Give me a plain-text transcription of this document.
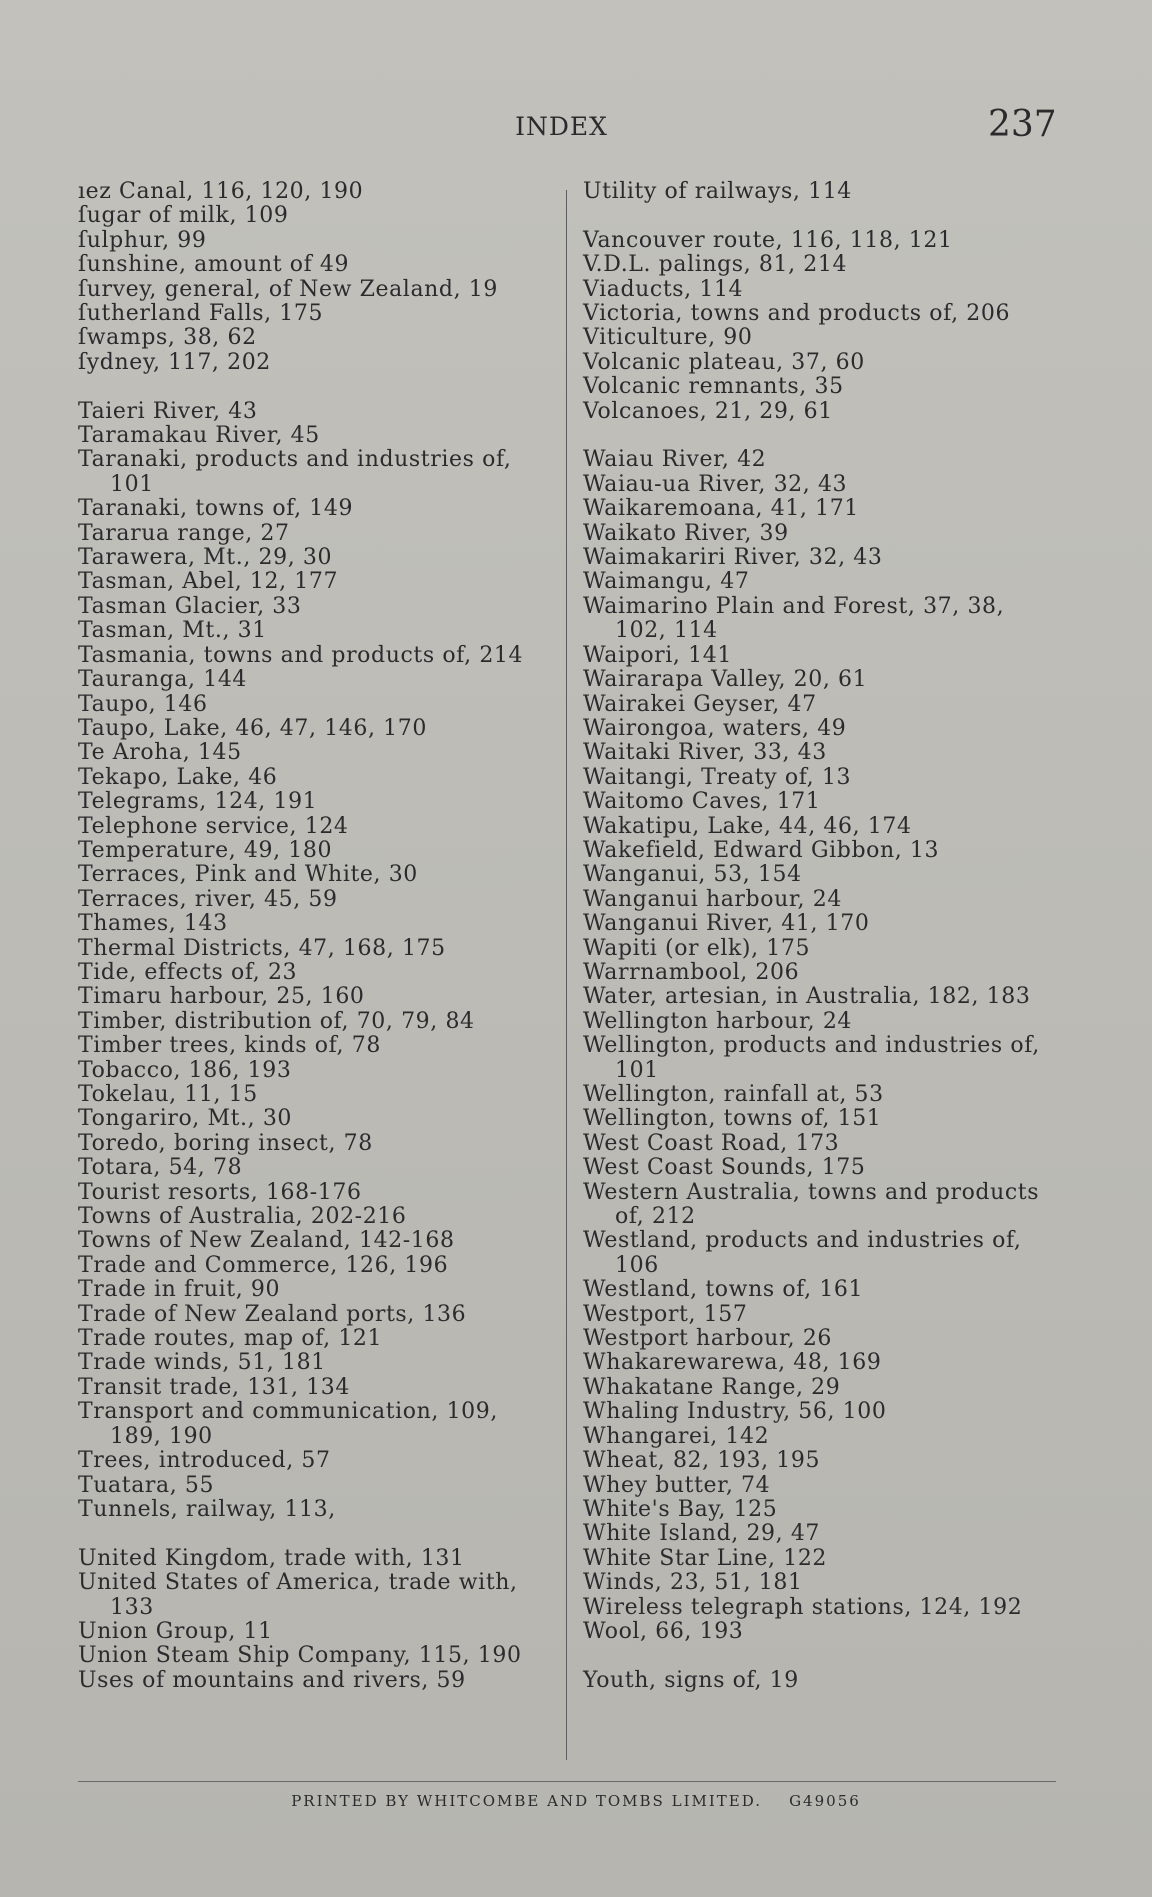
INDEX	237
ıez Canal, 116, 120, 190
ſugar of milk, 109
ſulphur, 99
ſunshine, amount of 49
ſurvey, general, of New Zealand, 19
ſutherland Falls, 175
ſwamps, 38, 62
ſydney, 117, 202
Taieri River, 43
Taramakau River, 45
Taranaki, products and industries of, 101
Taranaki, towns of, 149
Tararua range, 27
Tarawera, Mt., 29, 30
Tasman, Abel, 12, 177
Tasman Glacier, 33
Tasman, Mt., 31
Tasmania, towns and products of, 214
Tauranga, 144
Taupo, 146
Taupo, Lake, 46, 47, 146, 170
Te Aroha, 145
Tekapo, Lake, 46
Telegrams, 124, 191
Telephone service, 124
Temperature, 49, 180
Terraces, Pink and White, 30
Terraces, river, 45, 59
Thames, 143
Thermal Districts, 47, 168, 175
Tide, effects of, 23
Timaru harbour, 25, 160
Timber, distribution of, 70, 79, 84
Timber trees, kinds of, 78
Tobacco, 186, 193
Tokelau, 11, 15
Tongariro, Mt., 30
Toredo, boring insect, 78
Totara, 54, 78
Tourist resorts, 168-176
Towns of Australia, 202-216
Towns of New Zealand, 142-168
Trade and Commerce, 126, 196
Trade in fruit, 90
Trade of New Zealand ports, 136
Trade routes, map of, 121
Trade winds, 51, 181
Transit trade, 131, 134
Transport and communication, 109, 189, 190
Trees, introduced, 57
Tuatara, 55
Tunnels, railway, 113,
United Kingdom, trade with, 131
United States of America, trade with, 133
Union Group, 11
Union Steam Ship Company, 115, 190
Uses of mountains and rivers, 59
Utility of railways, 114
Vancouver route, 116, 118, 121
V.D.L. palings, 81, 214
Viaducts, 114
Victoria, towns and products of, 206
Viticulture, 90
Volcanic plateau, 37, 60
Volcanic remnants, 35
Volcanoes, 21, 29, 61
Waiau River, 42
Waiau-ua River, 32, 43
Waikaremoana, 41, 171
Waikato River, 39
Waimakariri River, 32, 43
Waimangu, 47
Waimarino Plain and Forest, 37, 38, 102, 114
Waipori, 141
Wairarapa Valley, 20, 61
Wairakei Geyser, 47
Wairongoa, waters, 49
Waitaki River, 33, 43
Waitangi, Treaty of, 13
Waitomo Caves, 171
Wakatipu, Lake, 44, 46, 174
Wakefield, Edward Gibbon, 13
Wanganui, 53, 154
Wanganui harbour, 24
Wanganui River, 41, 170
Wapiti (or elk), 175
Warrnambool, 206
Water, artesian, in Australia, 182, 183
Wellington harbour, 24
Wellington, products and industries of, 101
Wellington, rainfall at, 53
Wellington, towns of, 151
West Coast Road, 173
West Coast Sounds, 175
Western Australia, towns and products of, 212
Westland, products and industries of, 106
Westland, towns of, 161
Westport, 157
Westport harbour, 26
Whakarewarewa, 48, 169
Whakatane Range, 29
Whaling Industry, 56, 100
Whangarei, 142
Wheat, 82, 193, 195
Whey butter, 74
White's Bay, 125
White Island, 29, 47
White Star Line, 122
Winds, 23, 51, 181
Wireless telegraph stations, 124, 192
Wool, 66, 193
Youth, signs of, 19
PRINTED BY WHITCOMBE AND TOMBS LIMITED. G49056
